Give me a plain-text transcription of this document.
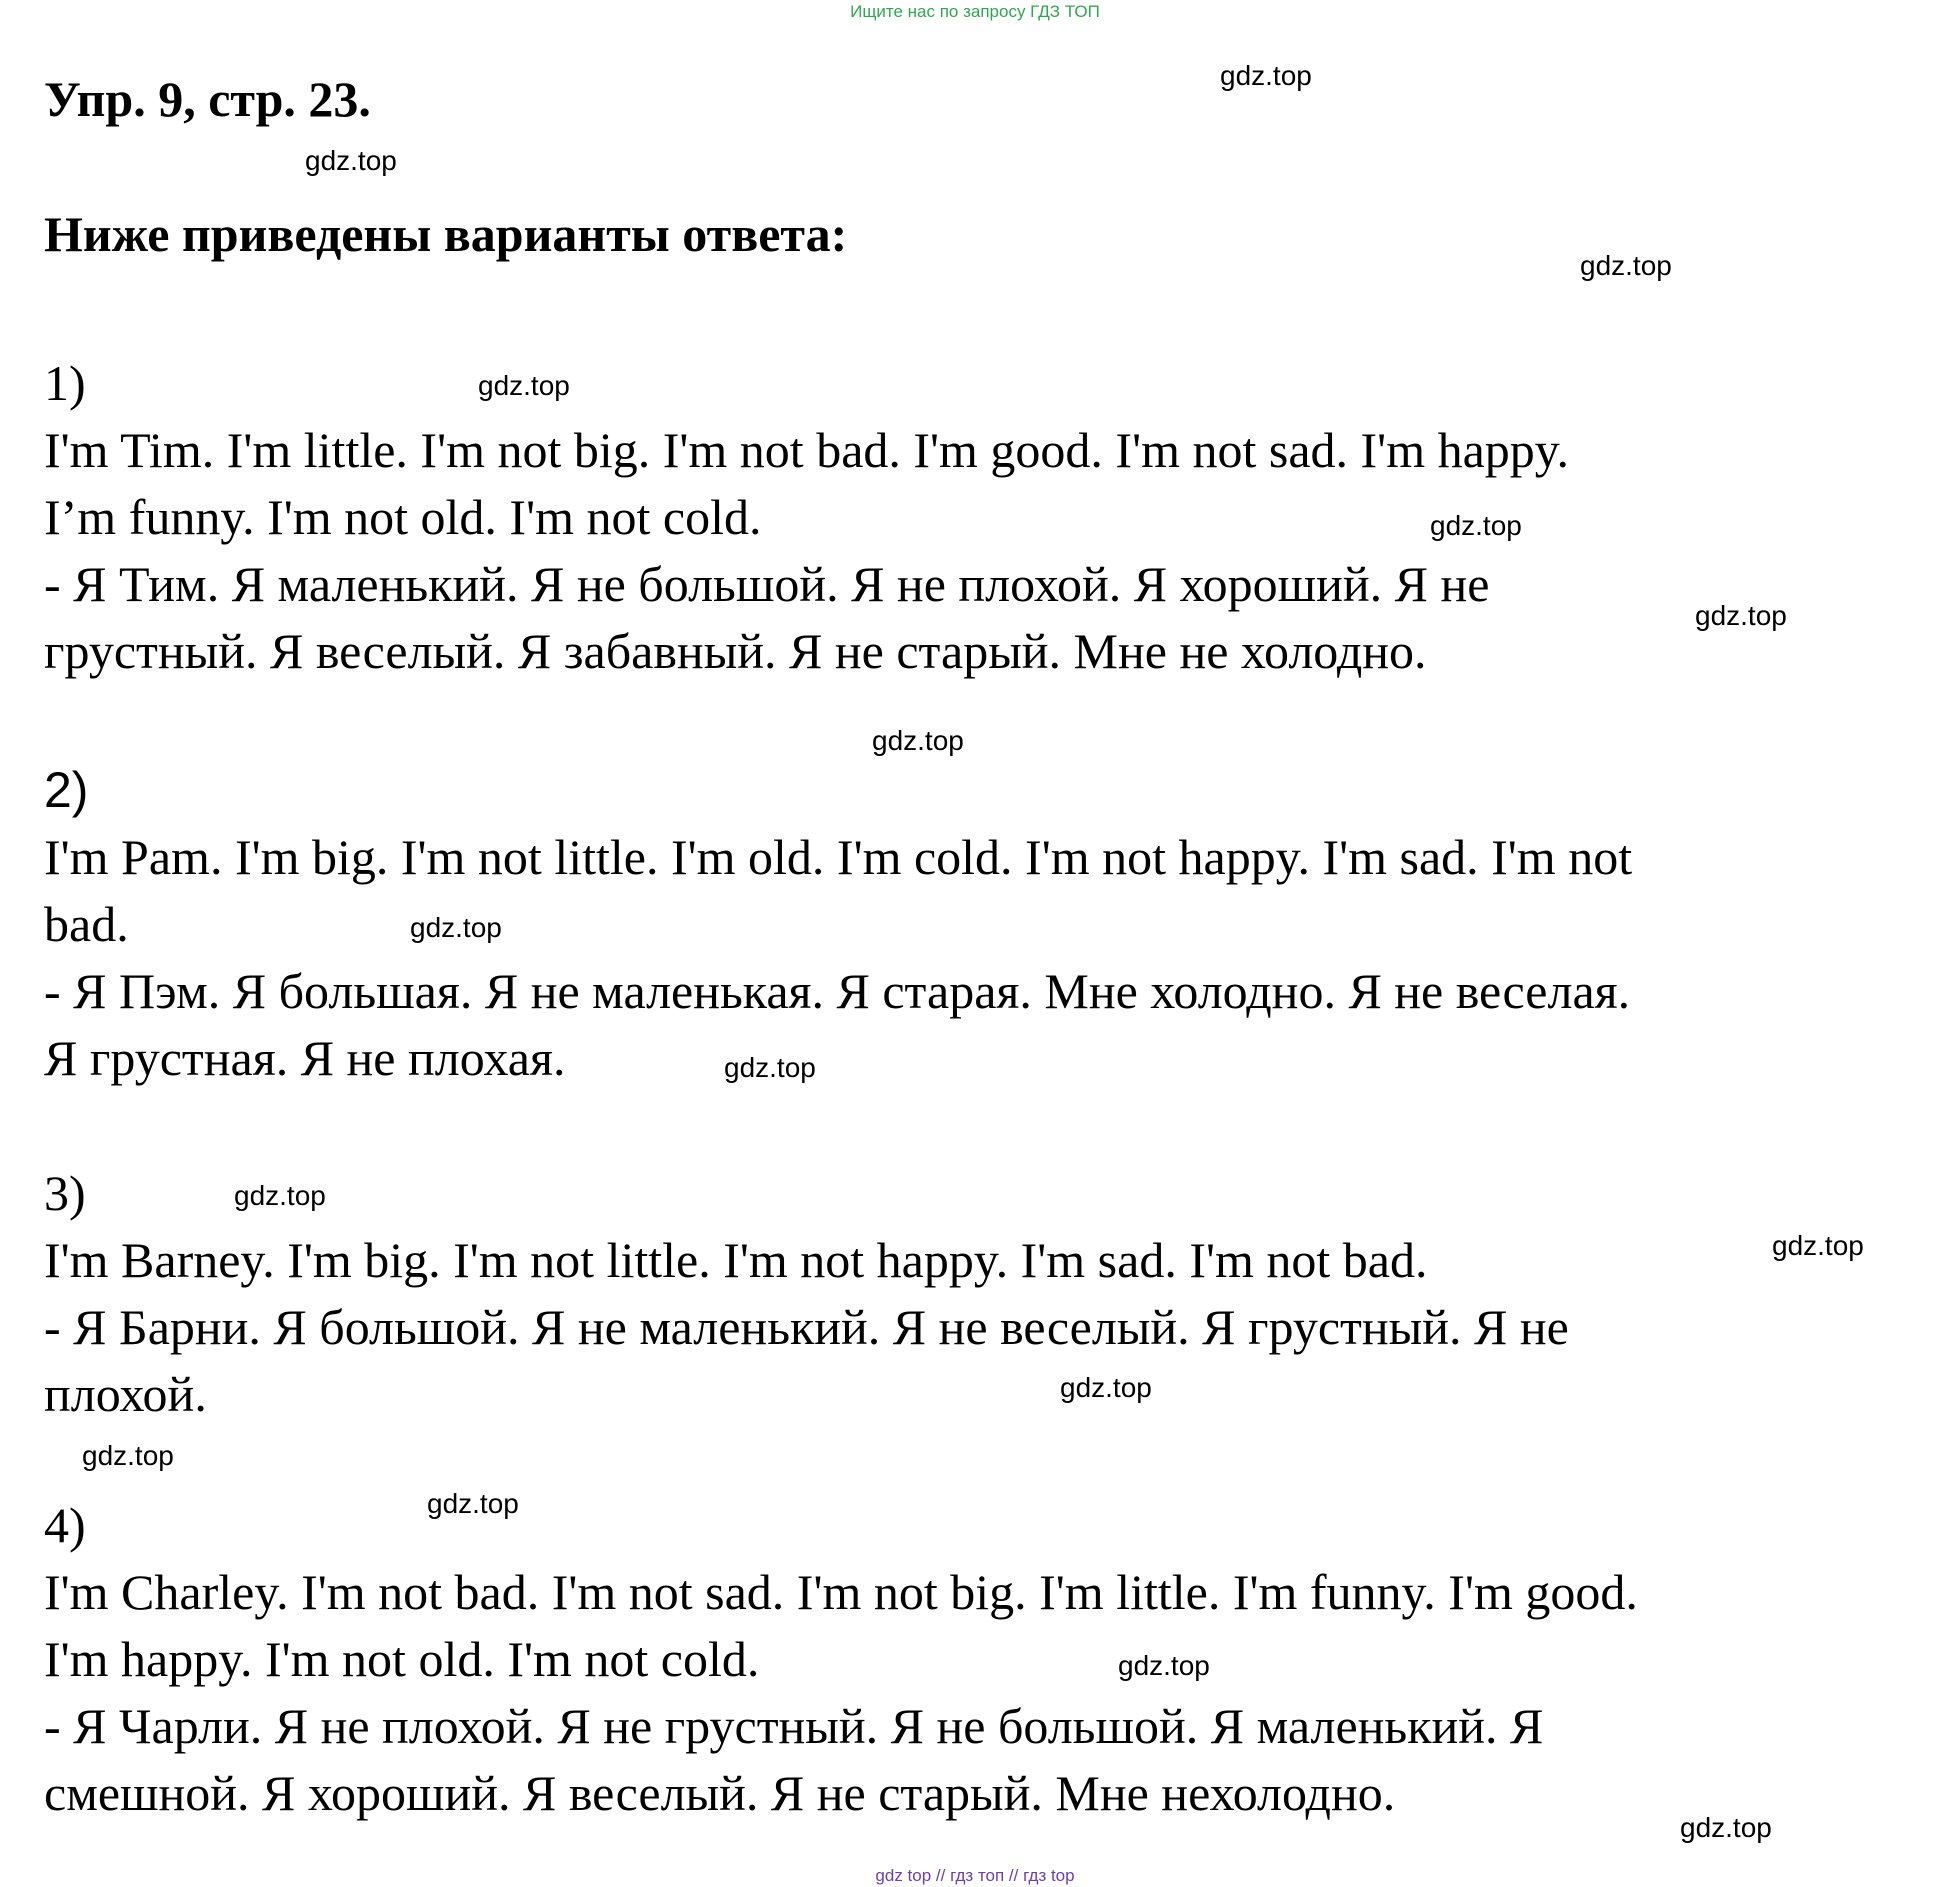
Ищите нас по запросу ГДЗ ТОП
Упр. 9, стр. 23.
Ниже приведены варианты ответа:
1)
I'm Tim. I'm little. I'm not big. I'm not bad. I'm good. I'm not sad. I'm happy.
I’m funny. I'm not old. I'm not cold.
- Я Тим. Я маленький. Я не большой. Я не плохой. Я хороший. Я не
грустный. Я веселый. Я забавный. Я не старый. Мне не холодно.
2)
I'm Pam. I'm big. I'm not little. I'm old. I'm cold. I'm not happy. I'm sad. I'm not
bad.
- Я Пэм. Я большая. Я не маленькая. Я старая. Мне холодно. Я не веселая.
Я грустная. Я не плохая.
3)
I'm Barney. I'm big. I'm not little. I'm not happy. I'm sad. I'm not bad.
- Я Барни. Я большой. Я не маленький. Я не веселый. Я грустный. Я не
плохой.
4)
I'm Charley. I'm not bad. I'm not sad. I'm not big. I'm little. I'm funny. I'm good.
I'm happy. I'm not old. I'm not cold.
- Я Чарли. Я не плохой. Я не грустный. Я не большой. Я маленький. Я
смешной. Я хороший. Я веселый. Я не старый. Мне нехолодно.
gdz.top
gdz.top
gdz.top
gdz.top
gdz.top
gdz.top
gdz.top
gdz.top
gdz.top
gdz.top
gdz.top
gdz.top
gdz.top
gdz.top
gdz.top
gdz.top
gdz top // гдз топ // гдз top
